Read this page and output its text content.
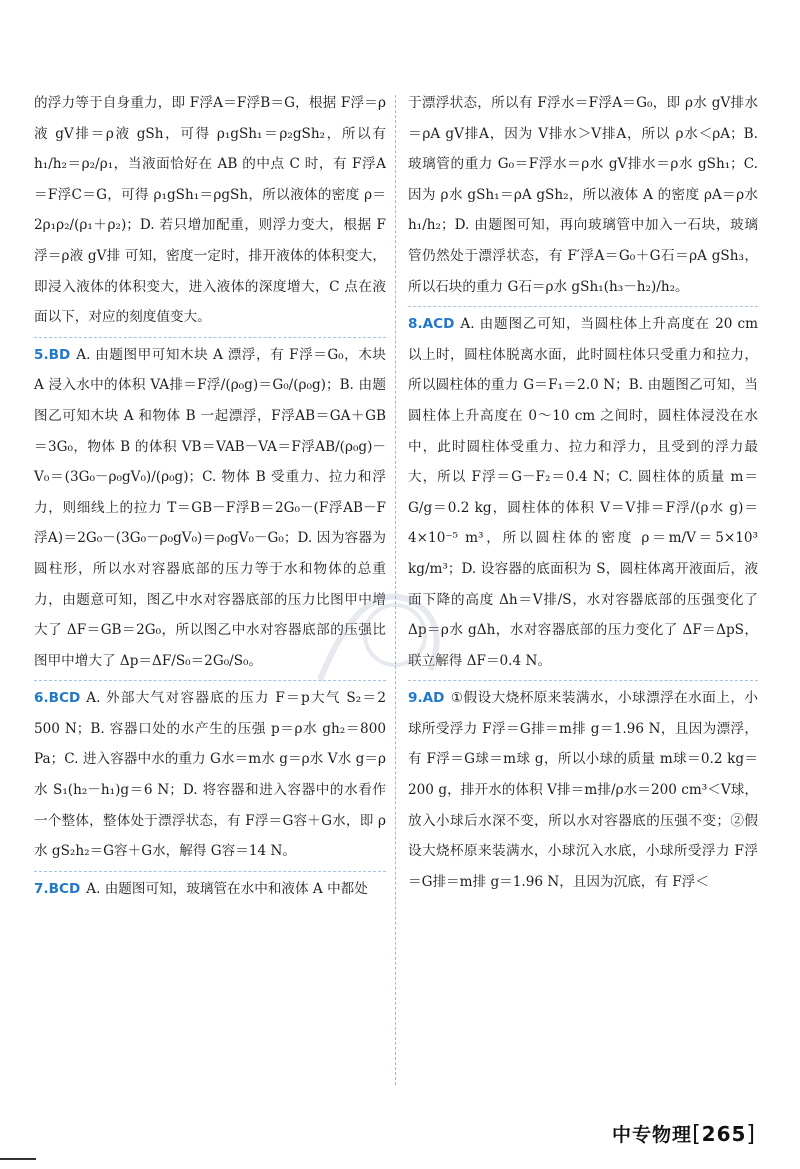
的浮力等于自身重力，即 F浮A＝F浮B＝G，根据 F浮＝ρ液 gV排＝ρ液 gSh，可得 ρ₁gSh₁＝ρ₂gSh₂，所以有 h₁/h₂＝ρ₂/ρ₁，当液面恰好在 AB 的中点 C 时，有 F浮A＝F浮C＝G，可得 ρ₁gSh₁＝ρgSh，所以液体的密度 ρ＝2ρ₁ρ₂/(ρ₁＋ρ₂)；D. 若只增加配重，则浮力变大，根据 F浮＝ρ液 gV排 可知，密度一定时，排开液体的体积变大，即浸入液体的体积变大，进入液体的深度增大，C 点在液面以下，对应的刻度值变大。

5.BD A. 由题图甲可知木块 A 漂浮，有 F浮＝G₀，木块 A 浸入水中的体积 VA排＝F浮/(ρ₀g)＝G₀/(ρ₀g)；B. 由题图乙可知木块 A 和物体 B 一起漂浮，F浮AB＝GA＋GB＝3G₀，物体 B 的体积 VB＝VAB－VA＝F浮AB/(ρ₀g)－V₀＝(3G₀－ρ₀gV₀)/(ρ₀g)；C. 物体 B 受重力、拉力和浮力，则细线上的拉力 T＝GB－F浮B＝2G₀－(F浮AB－F浮A)＝2G₀－(3G₀－ρ₀gV₀)＝ρ₀gV₀－G₀；D. 因为容器为圆柱形，所以水对容器底部的压力等于水和物体的总重力，由题意可知，图乙中水对容器底部的压力比图甲中增大了 ΔF＝GB＝2G₀，所以图乙中水对容器底部的压强比图甲中增大了 Δp＝ΔF/S₀＝2G₀/S₀。

6.BCD A. 外部大气对容器底的压力 F＝p大气 S₂＝2 500 N；B. 容器口处的水产生的压强 p＝ρ水 gh₂＝800 Pa；C. 进入容器中水的重力 G水＝m水 g＝ρ水 V水 g＝ρ水 S₁(h₂－h₁)g＝6 N；D. 将容器和进入容器中的水看作一个整体，整体处于漂浮状态，有 F浮＝G容＋G水，即 ρ水 gS₂h₂＝G容＋G水，解得 G容＝14 N。

7.BCD A. 由题图可知，玻璃管在水中和液体 A 中都处

于漂浮状态，所以有 F浮水＝F浮A＝G₀，即 ρ水 gV排水＝ρA gV排A，因为 V排水＞V排A，所以 ρ水＜ρA；B. 玻璃管的重力 G₀＝F浮水＝ρ水 gV排水＝ρ水 gSh₁；C. 因为 ρ水 gSh₁＝ρA gSh₂，所以液体 A 的密度 ρA＝ρ水 h₁/h₂；D. 由题图可知，再向玻璃管中加入一石块，玻璃管仍然处于漂浮状态，有 F′浮A＝G₀＋G石＝ρA gSh₃，所以石块的重力 G石＝ρ水 gSh₁(h₃－h₂)/h₂。

8.ACD A. 由题图乙可知，当圆柱体上升高度在 20 cm 以上时，圆柱体脱离水面，此时圆柱体只受重力和拉力，所以圆柱体的重力 G＝F₁＝2.0 N；B. 由题图乙可知，当圆柱体上升高度在 0～10 cm 之间时，圆柱体浸没在水中，此时圆柱体受重力、拉力和浮力，且受到的浮力最大，所以 F浮＝G－F₂＝0.4 N；C. 圆柱体的质量 m＝G/g＝0.2 kg，圆柱体的体积 V＝V排＝F浮/(ρ水 g)＝4×10⁻⁵ m³，所以圆柱体的密度 ρ＝m/V＝5×10³ kg/m³；D. 设容器的底面积为 S，圆柱体离开液面后，液面下降的高度 Δh＝V排/S，水对容器底部的压强变化了 Δp＝ρ水 gΔh，水对容器底部的压力变化了 ΔF＝ΔpS，联立解得 ΔF＝0.4 N。

9.AD ①假设大烧杯原来装满水，小球漂浮在水面上，小球所受浮力 F浮＝G排＝m排 g＝1.96 N，且因为漂浮，有 F浮＝G球＝m球 g，所以小球的质量 m球＝0.2 kg＝200 g，排开水的体积 V排＝m排/ρ水＝200 cm³＜V球，放入小球后水深不变，所以水对容器底的压强不变；②假设大烧杯原来装满水，小球沉入水底，小球所受浮力 F浮＝G排＝m排 g＝1.96 N，且因为沉底，有 F浮＜

中专物理[265]
